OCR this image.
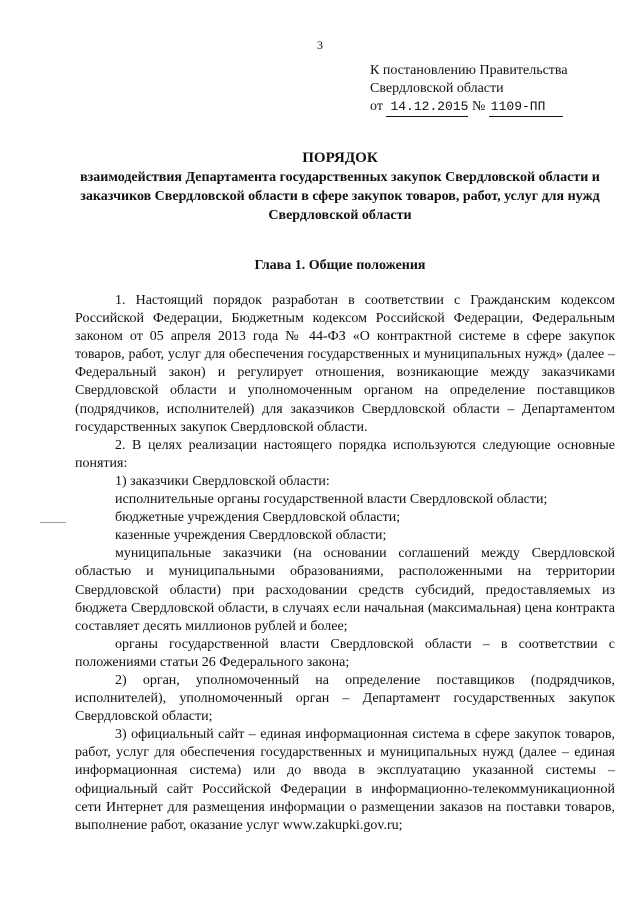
3
К постановлению Правительства
Свердловской области
от 14.12.2015 № 1109-ПП
ПОРЯДОК
взаимодействия Департамента государственных закупок Свердловской области и заказчиков Свердловской области в сфере закупок товаров, работ, услуг для нужд Свердловской области
Глава 1. Общие положения

1. Настоящий порядок разработан в соответствии с Гражданским кодексом Российской Федерации, Бюджетным кодексом Российской Федерации, Федеральным законом от 05 апреля 2013 года № 44-ФЗ «О контрактной системе в сфере закупок товаров, работ, услуг для обеспечения государственных и муниципальных нужд» (далее – Федеральный закон) и регулирует отношения, возникающие между заказчиками Свердловской области и уполномоченным органом на определение поставщиков (подрядчиков, исполнителей) для заказчиков Свердловской области – Департаментом государственных закупок Свердловской области.

2. В целях реализации настоящего порядка используются следующие основные понятия:

1) заказчики Свердловской области:

исполнительные органы государственной власти Свердловской области;

бюджетные учреждения Свердловской области;

казенные учреждения Свердловской области;

муниципальные заказчики (на основании соглашений между Свердловской областью и муниципальными образованиями, расположенными на территории Свердловской области) при расходовании средств субсидий, предоставляемых из бюджета Свердловской области, в случаях если начальная (максимальная) цена контракта составляет десять миллионов рублей и более;

органы государственной власти Свердловской области – в соответствии с положениями статьи 26 Федерального закона;

2) орган, уполномоченный на определение поставщиков (подрядчиков, исполнителей), уполномоченный орган – Департамент государственных закупок Свердловской области;

3) официальный сайт – единая информационная система в сфере закупок товаров, работ, услуг для обеспечения государственных и муниципальных нужд (далее – единая информационная система) или до ввода в эксплуатацию указанной системы – официальный сайт Российской Федерации в информационно-телекоммуникационной сети Интернет для размещения информации о размещении заказов на поставки товаров, выполнение работ, оказание услуг www.zakupki.gov.ru;
